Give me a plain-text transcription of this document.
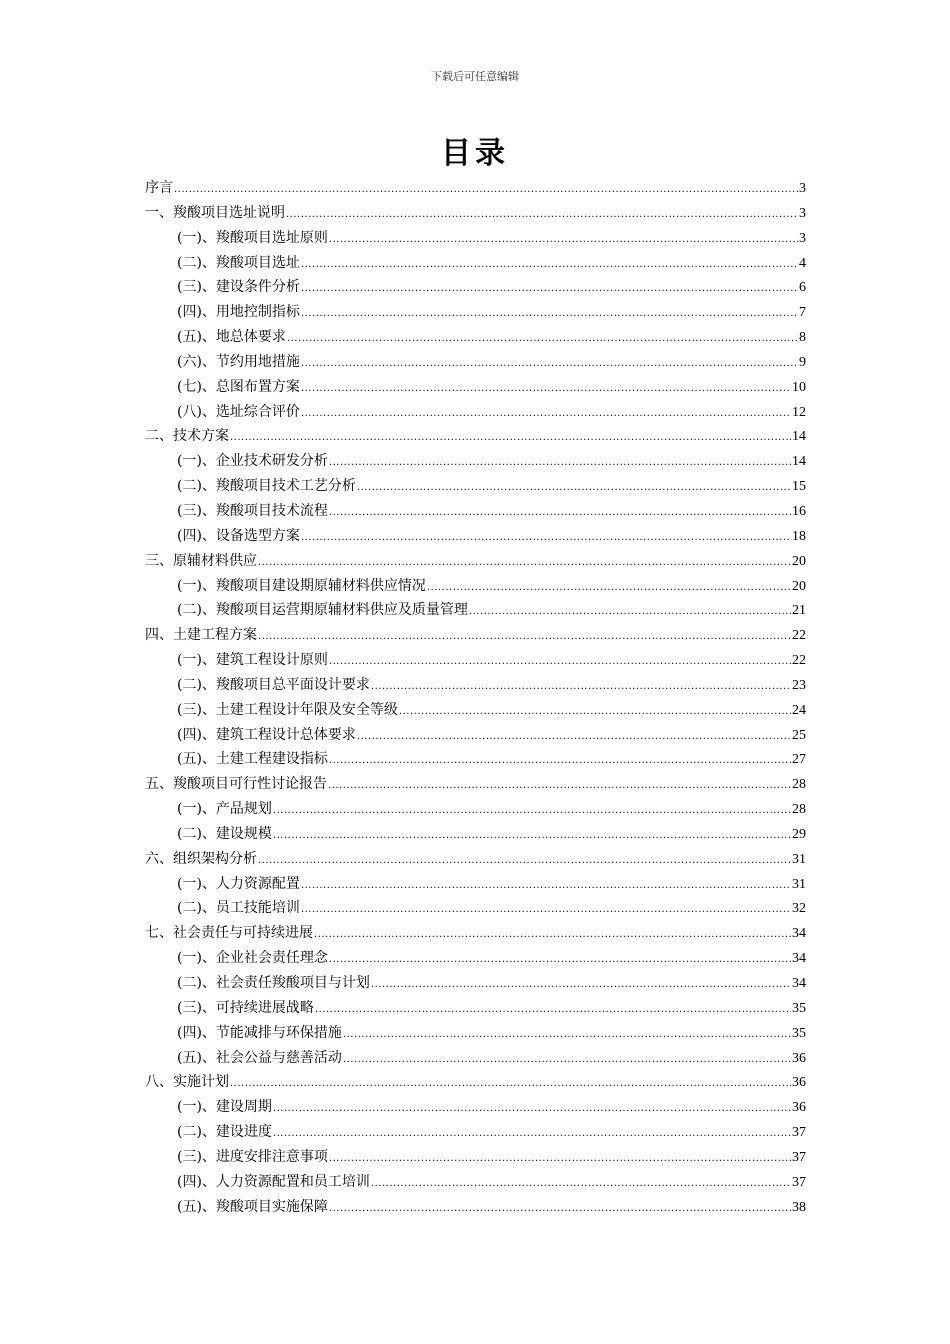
下载后可任意编辑
目录
序言 .....	3
一、羧酸项目选址说明 .....	3
(一)、羧酸项目选址原则 .....	3
(二)、羧酸项目选址 .....	4
(三)、建设条件分析 .....	6
(四)、用地控制指标 .....	7
(五)、地总体要求 .....	8
(六)、节约用地措施 .....	9
(七)、总图布置方案 .....	10
(八)、选址综合评价 .....	12
二、技术方案 .....	14
(一)、企业技术研发分析 .....	14
(二)、羧酸项目技术工艺分析 .....	15
(三)、羧酸项目技术流程 .....	16
(四)、设备选型方案 .....	18
三、原辅材料供应 .....	20
(一)、羧酸项目建设期原辅材料供应情况 .....	20
(二)、羧酸项目运营期原辅材料供应及质量管理 .....	21
四、土建工程方案 .....	22
(一)、建筑工程设计原则 .....	22
(二)、羧酸项目总平面设计要求 .....	23
(三)、土建工程设计年限及安全等级 .....	24
(四)、建筑工程设计总体要求 .....	25
(五)、土建工程建设指标 .....	27
五、羧酸项目可行性讨论报告 .....	28
(一)、产品规划 .....	28
(二)、建设规模 .....	29
六、组织架构分析 .....	31
(一)、人力资源配置 .....	31
(二)、员工技能培训 .....	32
七、社会责任与可持续进展 .....	34
(一)、企业社会责任理念 .....	34
(二)、社会责任羧酸项目与计划 .....	34
(三)、可持续进展战略 .....	35
(四)、节能减排与环保措施 .....	35
(五)、社会公益与慈善活动 .....	36
八、实施计划 .....	36
(一)、建设周期 .....	36
(二)、建设进度 .....	37
(三)、进度安排注意事项 .....	37
(四)、人力资源配置和员工培训 .....	37
(五)、羧酸项目实施保障 .....	38
